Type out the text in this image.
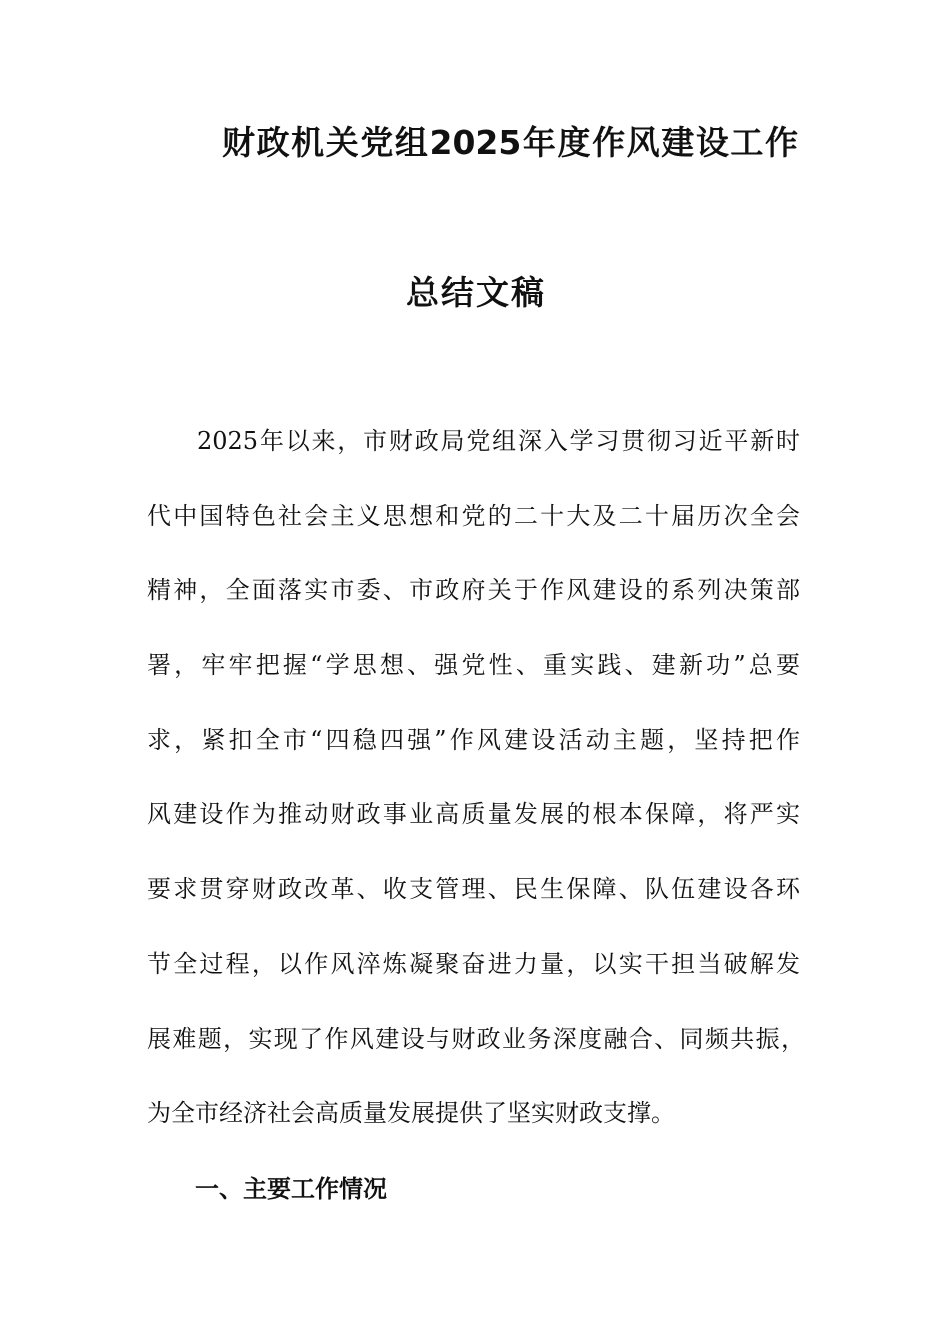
财政机关党组2025年度作风建设工作
总结文稿
2025年以来，市财政局党组深入学习贯彻习近平新时
代中国特色社会主义思想和党的二十大及二十届历次全会
精神，全面落实市委、市政府关于作风建设的系列决策部
署，牢牢把握“学思想、强党性、重实践、建新功”总要
求，紧扣全市“四稳四强”作风建设活动主题，坚持把作
风建设作为推动财政事业高质量发展的根本保障，将严实
要求贯穿财政改革、收支管理、民生保障、队伍建设各环
节全过程，以作风淬炼凝聚奋进力量，以实干担当破解发
展难题，实现了作风建设与财政业务深度融合、同频共振，
为全市经济社会高质量发展提供了坚实财政支撑。
一、主要工作情况
